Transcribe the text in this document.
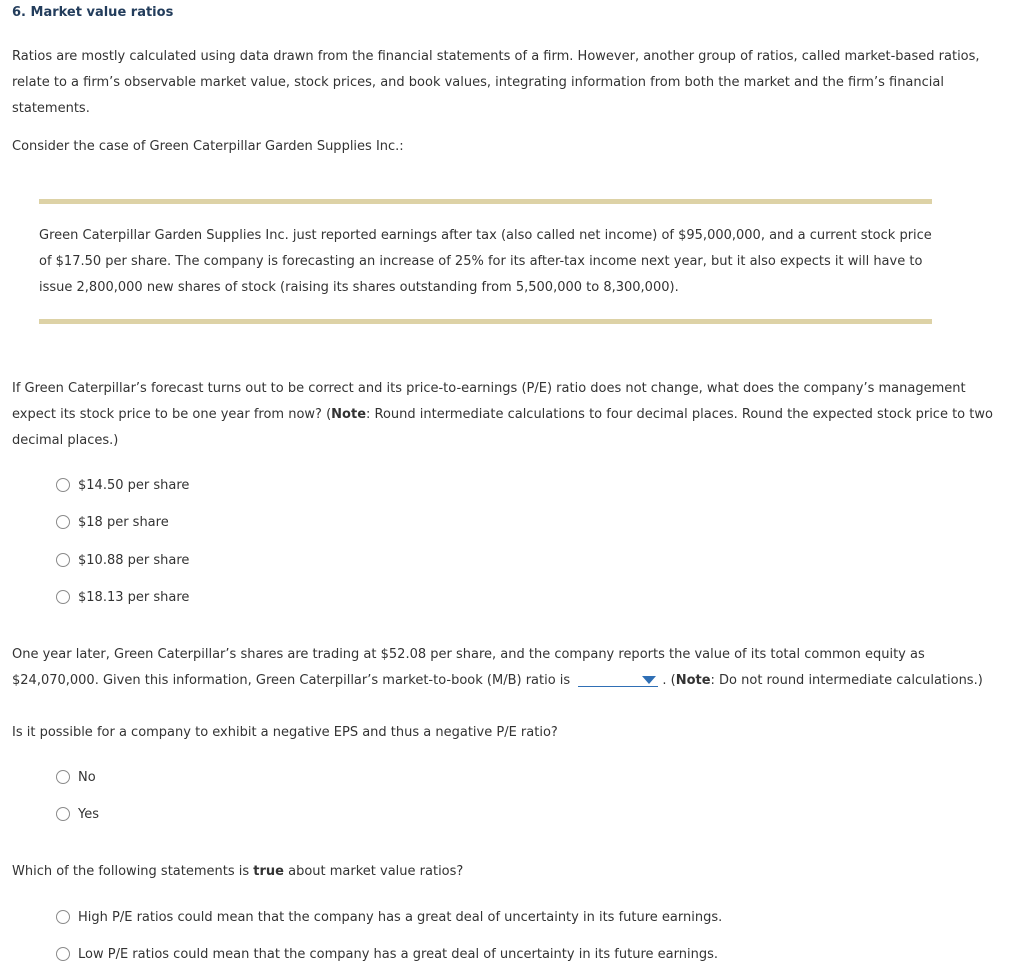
6. Market value ratios
Ratios are mostly calculated using data drawn from the financial statements of a firm. However, another group of ratios, called market-based ratios, relate to a firm’s observable market value, stock prices, and book values, integrating information from both the market and the firm’s financial statements.
Consider the case of Green Caterpillar Garden Supplies Inc.:
Green Caterpillar Garden Supplies Inc. just reported earnings after tax (also called net income) of $95,000,000, and a current stock price of $17.50 per share. The company is forecasting an increase of 25% for its after-tax income next year, but it also expects it will have to issue 2,800,000 new shares of stock (raising its shares outstanding from 5,500,000 to 8,300,000).
If Green Caterpillar’s forecast turns out to be correct and its price-to-earnings (P/E) ratio does not change, what does the company’s management expect its stock price to be one year from now? (Note: Round intermediate calculations to four decimal places. Round the expected stock price to two decimal places.)
$14.50 per share
$18 per share
$10.88 per share
$18.13 per share
One year later, Green Caterpillar’s shares are trading at $52.08 per share, and the company reports the value of its total common equity as $24,070,000. Given this information, Green Caterpillar’s market-to-book (M/B) ratio is	. (Note: Do not round intermediate calculations.)
Is it possible for a company to exhibit a negative EPS and thus a negative P/E ratio?
No
Yes
Which of the following statements is true about market value ratios?
High P/E ratios could mean that the company has a great deal of uncertainty in its future earnings.
Low P/E ratios could mean that the company has a great deal of uncertainty in its future earnings.
